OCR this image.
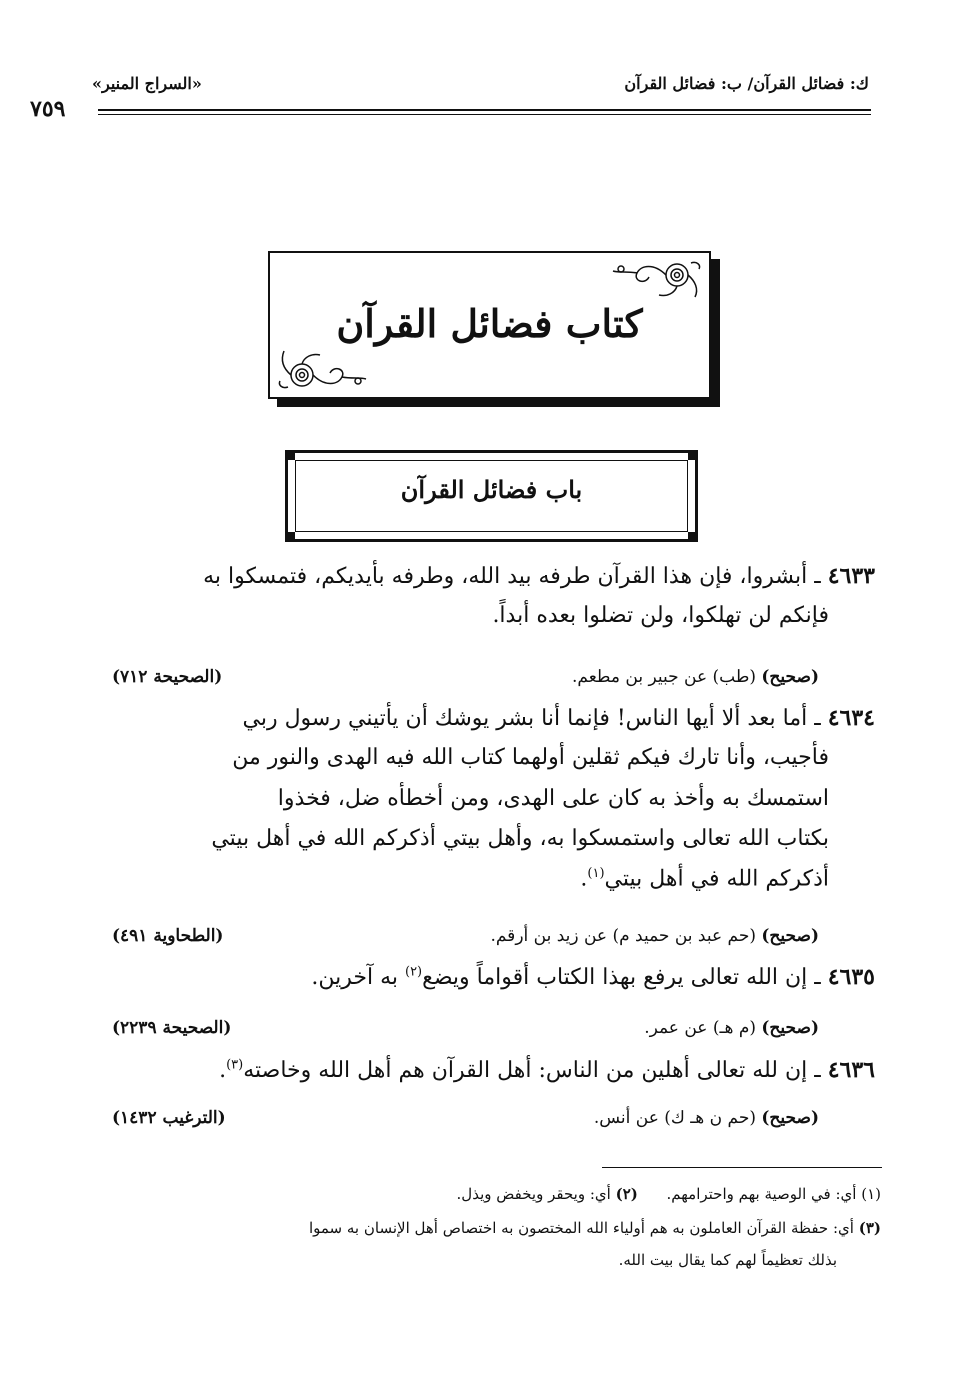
«السراج المنير»	ك: فضائل القرآن/ ب: فضائل القرآن
٧٥٩
كتاب فضائل القرآن
باب فضائل القرآن
٤٦٣٣ ـ أبشروا، فإن هذا القرآن طرفه بيد الله، وطرفه بأيديكم، فتمسكوا به
فإنكم لن تهلكوا، ولن تضلوا بعده أبداً.
(صحيح) (طب) عن جبير بن مطعم.
(الصحيحة ٧١٢)
٤٦٣٤ ـ أما بعد ألا أيها الناس! فإنما أنا بشر يوشك أن يأتيني رسول ربي
فأجيب، وأنا تارك فيكم ثقلين أولهما كتاب الله فيه الهدى والنور من
استمسك به وأخذ به كان على الهدى، ومن أخطأه ضل، فخذوا
بكتاب الله تعالى واستمسكوا به، وأهل بيتي أذكركم الله في أهل بيتي
أذكركم الله في أهل بيتي$^{(١)}$.
(صحيح) (حم عبد بن حميد م) عن زيد بن أرقم.
(الطحاوية ٤٩١)
٤٦٣٥ ـ إن الله تعالى يرفع بهذا الكتاب أقواماً ويضع$^{(٢)}$ به آخرين.
(صحيح) (م هـ) عن عمر.
(الصحيحة ٢٢٣٩)
٤٦٣٦ ـ إن لله تعالى أهلين من الناس: أهل القرآن هم أهل الله وخاصته$^{(٣)}$.
(صحيح) (حم ن هـ ك) عن أنس.
(الترغيب ١٤٣٢)
(١) أي: في الوصية بهم واحترامهم.      (٢) أي: ويحقر ويخفض ويذل.
(٣) أي: حفظة القرآن العاملون به هم أولياء الله المختصون به اختصاص أهل الإنسان به سموا
بذلك تعظيماً لهم كما يقال بيت الله.
